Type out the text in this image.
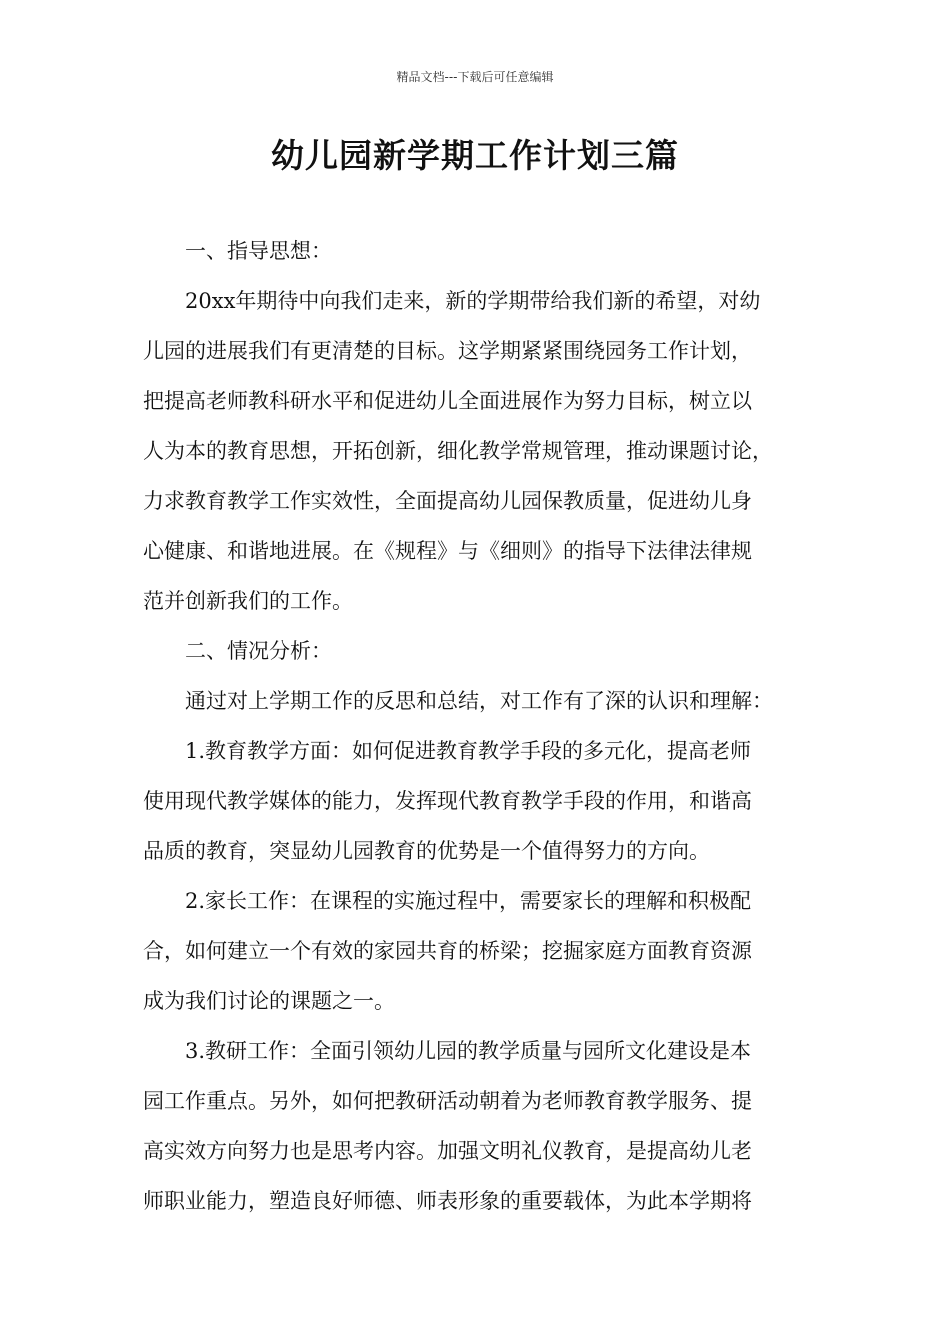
精品文档---下载后可任意编辑
幼儿园新学期工作计划三篇

一、指导思想：

20xx年期待中向我们走来，新的学期带给我们新的希望，对幼
儿园的进展我们有更清楚的目标。这学期紧紧围绕园务工作计划，
把提高老师教科研水平和促进幼儿全面进展作为努力目标，树立以
人为本的教育思想，开拓创新，细化教学常规管理，推动课题讨论，
力求教育教学工作实效性，全面提高幼儿园保教质量，促进幼儿身
心健康、和谐地进展。在《规程》与《细则》的指导下法律法律规
范并创新我们的工作。

二、情况分析：

通过对上学期工作的反思和总结，对工作有了深的认识和理解：

1.教育教学方面：如何促进教育教学手段的多元化，提高老师
使用现代教学媒体的能力，发挥现代教育教学手段的作用，和谐高
品质的教育，突显幼儿园教育的优势是一个值得努力的方向。

2.家长工作：在课程的实施过程中，需要家长的理解和积极配
合，如何建立一个有效的家园共育的桥梁；挖掘家庭方面教育资源
成为我们讨论的课题之一。

3.教研工作：全面引领幼儿园的教学质量与园所文化建设是本
园工作重点。另外，如何把教研活动朝着为老师教育教学服务、提
高实效方向努力也是思考内容。加强文明礼仪教育，是提高幼儿老
师职业能力，塑造良好师德、师表形象的重要载体，为此本学期将
